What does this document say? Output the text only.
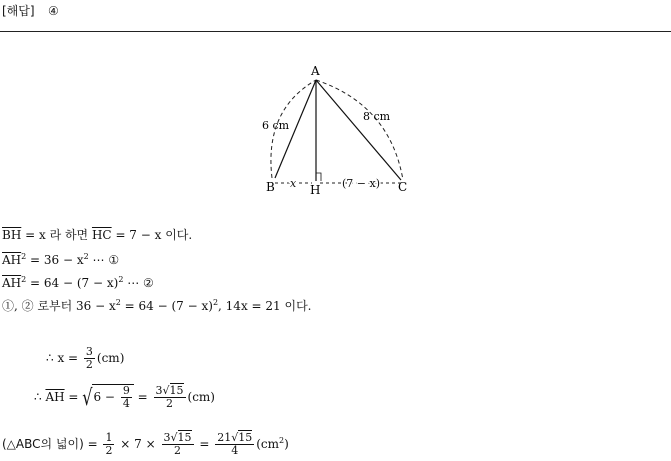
[해답] ④
A
B	H	C
6 cm
8 cm
x	(7 − x)
$\overline{BH} = x$ 라 하면 $\overline{HC} = 7 - x$ 이다.
$\overline{AH}^2 = 36 - x^2$ ⋯ ①
$\overline{AH}^2 = 64 - (7 - x)^2$ ⋯ ②
①, ② 로부터 $36 - x^2 = 64 - (7 - x)^2$, 14x = 21 이다.
∴ $x = \frac{3}{2} (cm)$
∴ $\overline{AH} = √6 - \frac{9}{4} = \frac{3√15}{2} (cm)$
(△ABC의 넓이) = $\frac{1}{2} \times 7 \times \frac{3√15}{2} = \frac{21√15}{4} (cm^2)$
